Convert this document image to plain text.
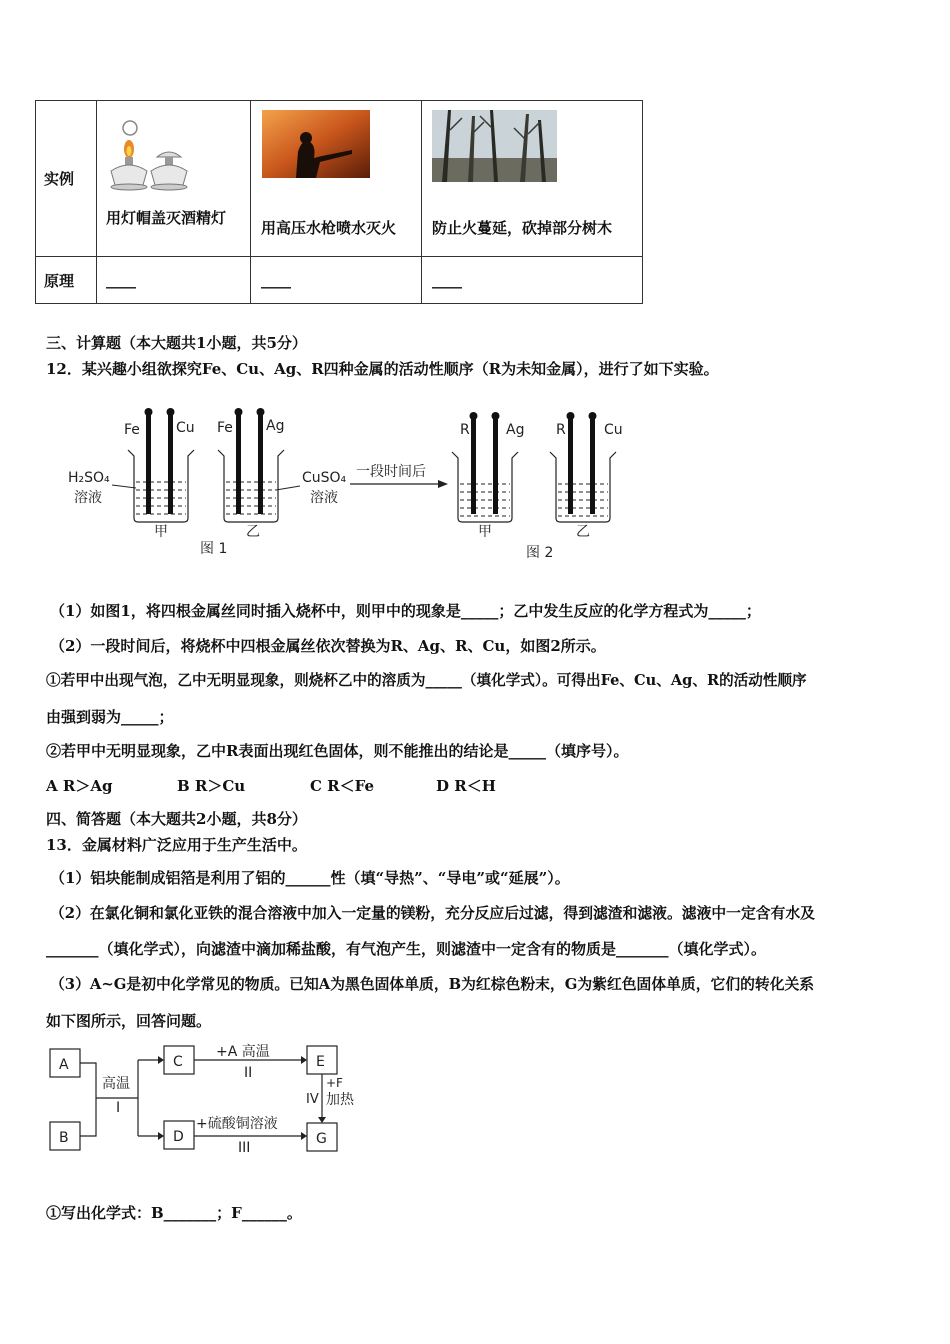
实例	用灯帽盖灭酒精灯	用高压水枪喷水灭火	防止火蔓延，砍掉部分树木

原理	____	____	____
三、计算题（本大题共1小题，共5分）
12．某兴趣小组欲探究Fe、Cu、Ag、R四种金属的活动性顺序（R为未知金属），进行了如下实验。
Fe	Cu Fe Ag	R	Ag R	Cu
H₂SO₄
溶液
CuSO₄
溶液
一段时间后
甲	乙	甲	乙
图 1	图 2
（1）如图1，将四根金属丝同时插入烧杯中，则甲中的现象是_____；乙中发生反应的化学方程式为_____；
（2）一段时间后，将烧杯中四根金属丝依次替换为R、Ag、R、Cu，如图2所示。
①若甲中出现气泡，乙中无明显现象，则烧杯乙中的溶质为_____（填化学式）。可得出Fe、Cu、Ag、R的活动性顺序
由强到弱为_____；
②若甲中无明显现象，乙中R表面出现红色固体，则不能推出的结论是_____（填序号）。
A R＞Ag	B R＞Cu	C R＜Fe	D R＜H
四、简答题（本大题共2小题，共8分）
13．金属材料广泛应用于生产生活中。
（1）铝块能制成铝箔是利用了铝的______性（填“导热”、“导电”或“延展”）。
（2）在氯化铜和氯化亚铁的混合溶液中加入一定量的镁粉，充分反应后过滤，得到滤渣和滤液。滤液中一定含有水及
_______（填化学式），向滤渣中滴加稀盐酸，有气泡产生，则滤渣中一定含有的物质是_______（填化学式）。
（3）A~G是初中化学常见的物质。已知A为黑色固体单质，B为红棕色粉末，G为紫红色固体单质，它们的转化关系
如下图所示，回答问题。
A
B
C
D
E
G
高温
I
+A 高温
II
+F
IV 加热
+硫酸铜溶液
III
①写出化学式：B_______；F______。
